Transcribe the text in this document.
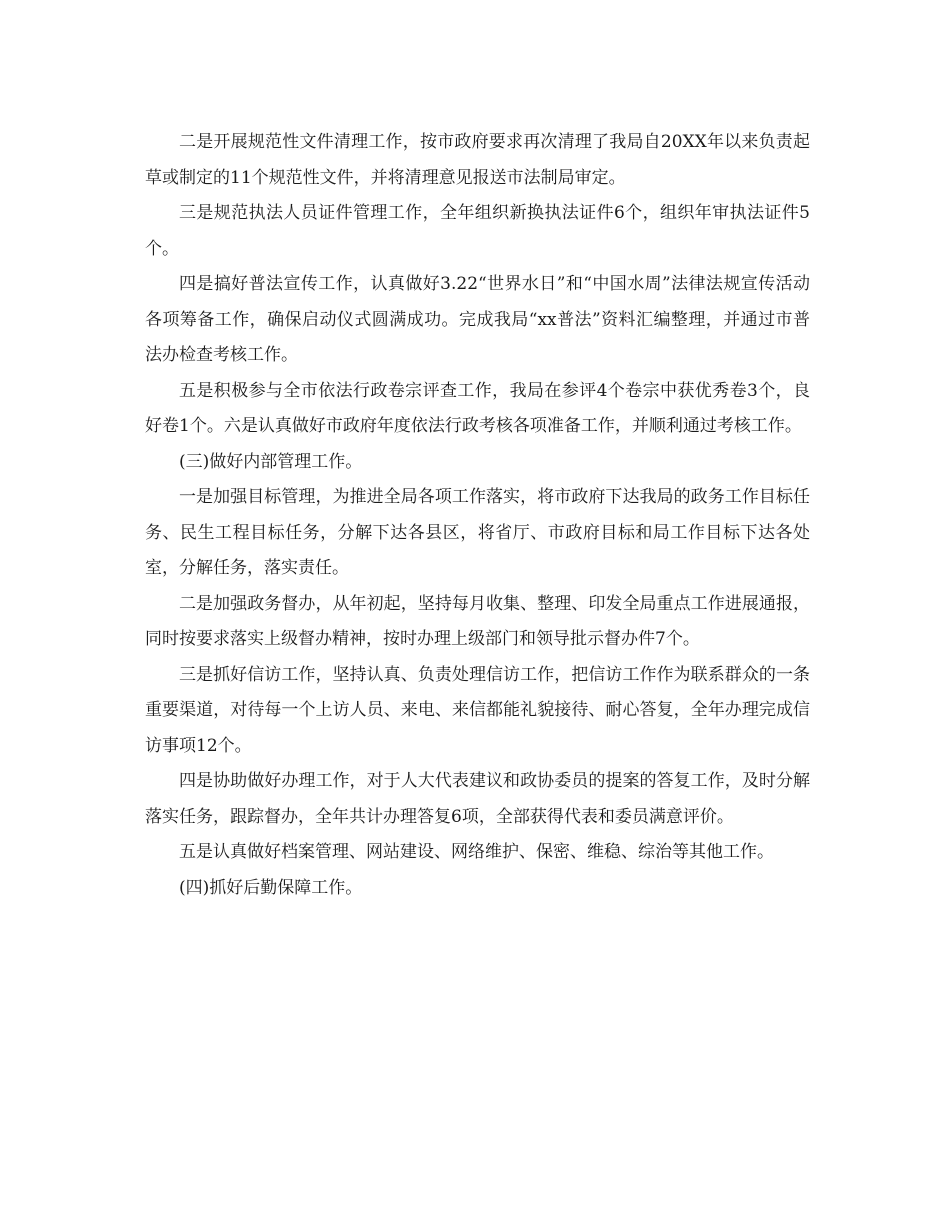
二是开展规范性文件清理工作，按市政府要求再次清理了我局自20XX年以来负责起草或制定的11个规范性文件，并将清理意见报送市法制局审定。

三是规范执法人员证件管理工作，全年组织新换执法证件6个，组织年审执法证件5个。

四是搞好普法宣传工作，认真做好3.22“世界水日”和“中国水周”法律法规宣传活动各项筹备工作，确保启动仪式圆满成功。完成我局“xx普法”资料汇编整理，并通过市普法办检查考核工作。

五是积极参与全市依法行政卷宗评查工作，我局在参评4个卷宗中获优秀卷3个，良好卷1个。六是认真做好市政府年度依法行政考核各项准备工作，并顺利通过考核工作。

(三)做好内部管理工作。

一是加强目标管理，为推进全局各项工作落实，将市政府下达我局的政务工作目标任务、民生工程目标任务，分解下达各县区，将省厅、市政府目标和局工作目标下达各处室，分解任务，落实责任。

二是加强政务督办，从年初起，坚持每月收集、整理、印发全局重点工作进展通报，同时按要求落实上级督办精神，按时办理上级部门和领导批示督办件7个。

三是抓好信访工作，坚持认真、负责处理信访工作，把信访工作作为联系群众的一条重要渠道，对待每一个上访人员、来电、来信都能礼貌接待、耐心答复，全年办理完成信访事项12个。

四是协助做好办理工作，对于人大代表建议和政协委员的提案的答复工作，及时分解落实任务，跟踪督办，全年共计办理答复6项，全部获得代表和委员满意评价。

五是认真做好档案管理、网站建设、网络维护、保密、维稳、综治等其他工作。

(四)抓好后勤保障工作。
